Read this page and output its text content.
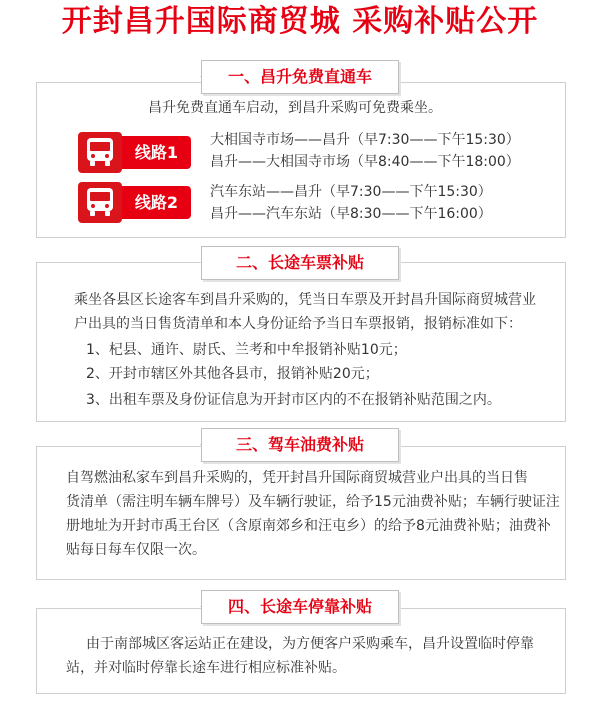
开封昌升国际商贸城 采购补贴公开
一、昌升免费直通车
昌升免费直通车启动，到昌升采购可免费乘坐。
线路1
大相国寺市场——昌升（早7:30——下午15:30）
昌升——大相国寺市场（早8:40——下午18:00）
线路2
汽车东站——昌升（早7:30——下午15:30）
昌升——汽车东站（早8:30——下午16:00）
二、长途车票补贴
乘坐各县区长途客车到昌升采购的，凭当日车票及开封昌升国际商贸城营业
户出具的当日售货清单和本人身份证给予当日车票报销，报销标准如下：
1、杞县、通许、尉氏、兰考和中牟报销补贴10元；
2、开封市辖区外其他各县市，报销补贴20元；
3、出租车票及身份证信息为开封市区内的不在报销补贴范围之内。
三、驾车油费补贴
自驾燃油私家车到昌升采购的，凭开封昌升国际商贸城营业户出具的当日售
货清单（需注明车辆车牌号）及车辆行驶证，给予15元油费补贴；车辆行驶证注
册地址为开封市禹王台区（含原南郊乡和汪屯乡）的给予8元油费补贴；油费补
贴每日每车仅限一次。
四、长途车停靠补贴
由于南部城区客运站正在建设，为方便客户采购乘车，昌升设置临时停靠
站，并对临时停靠长途车进行相应标准补贴。
